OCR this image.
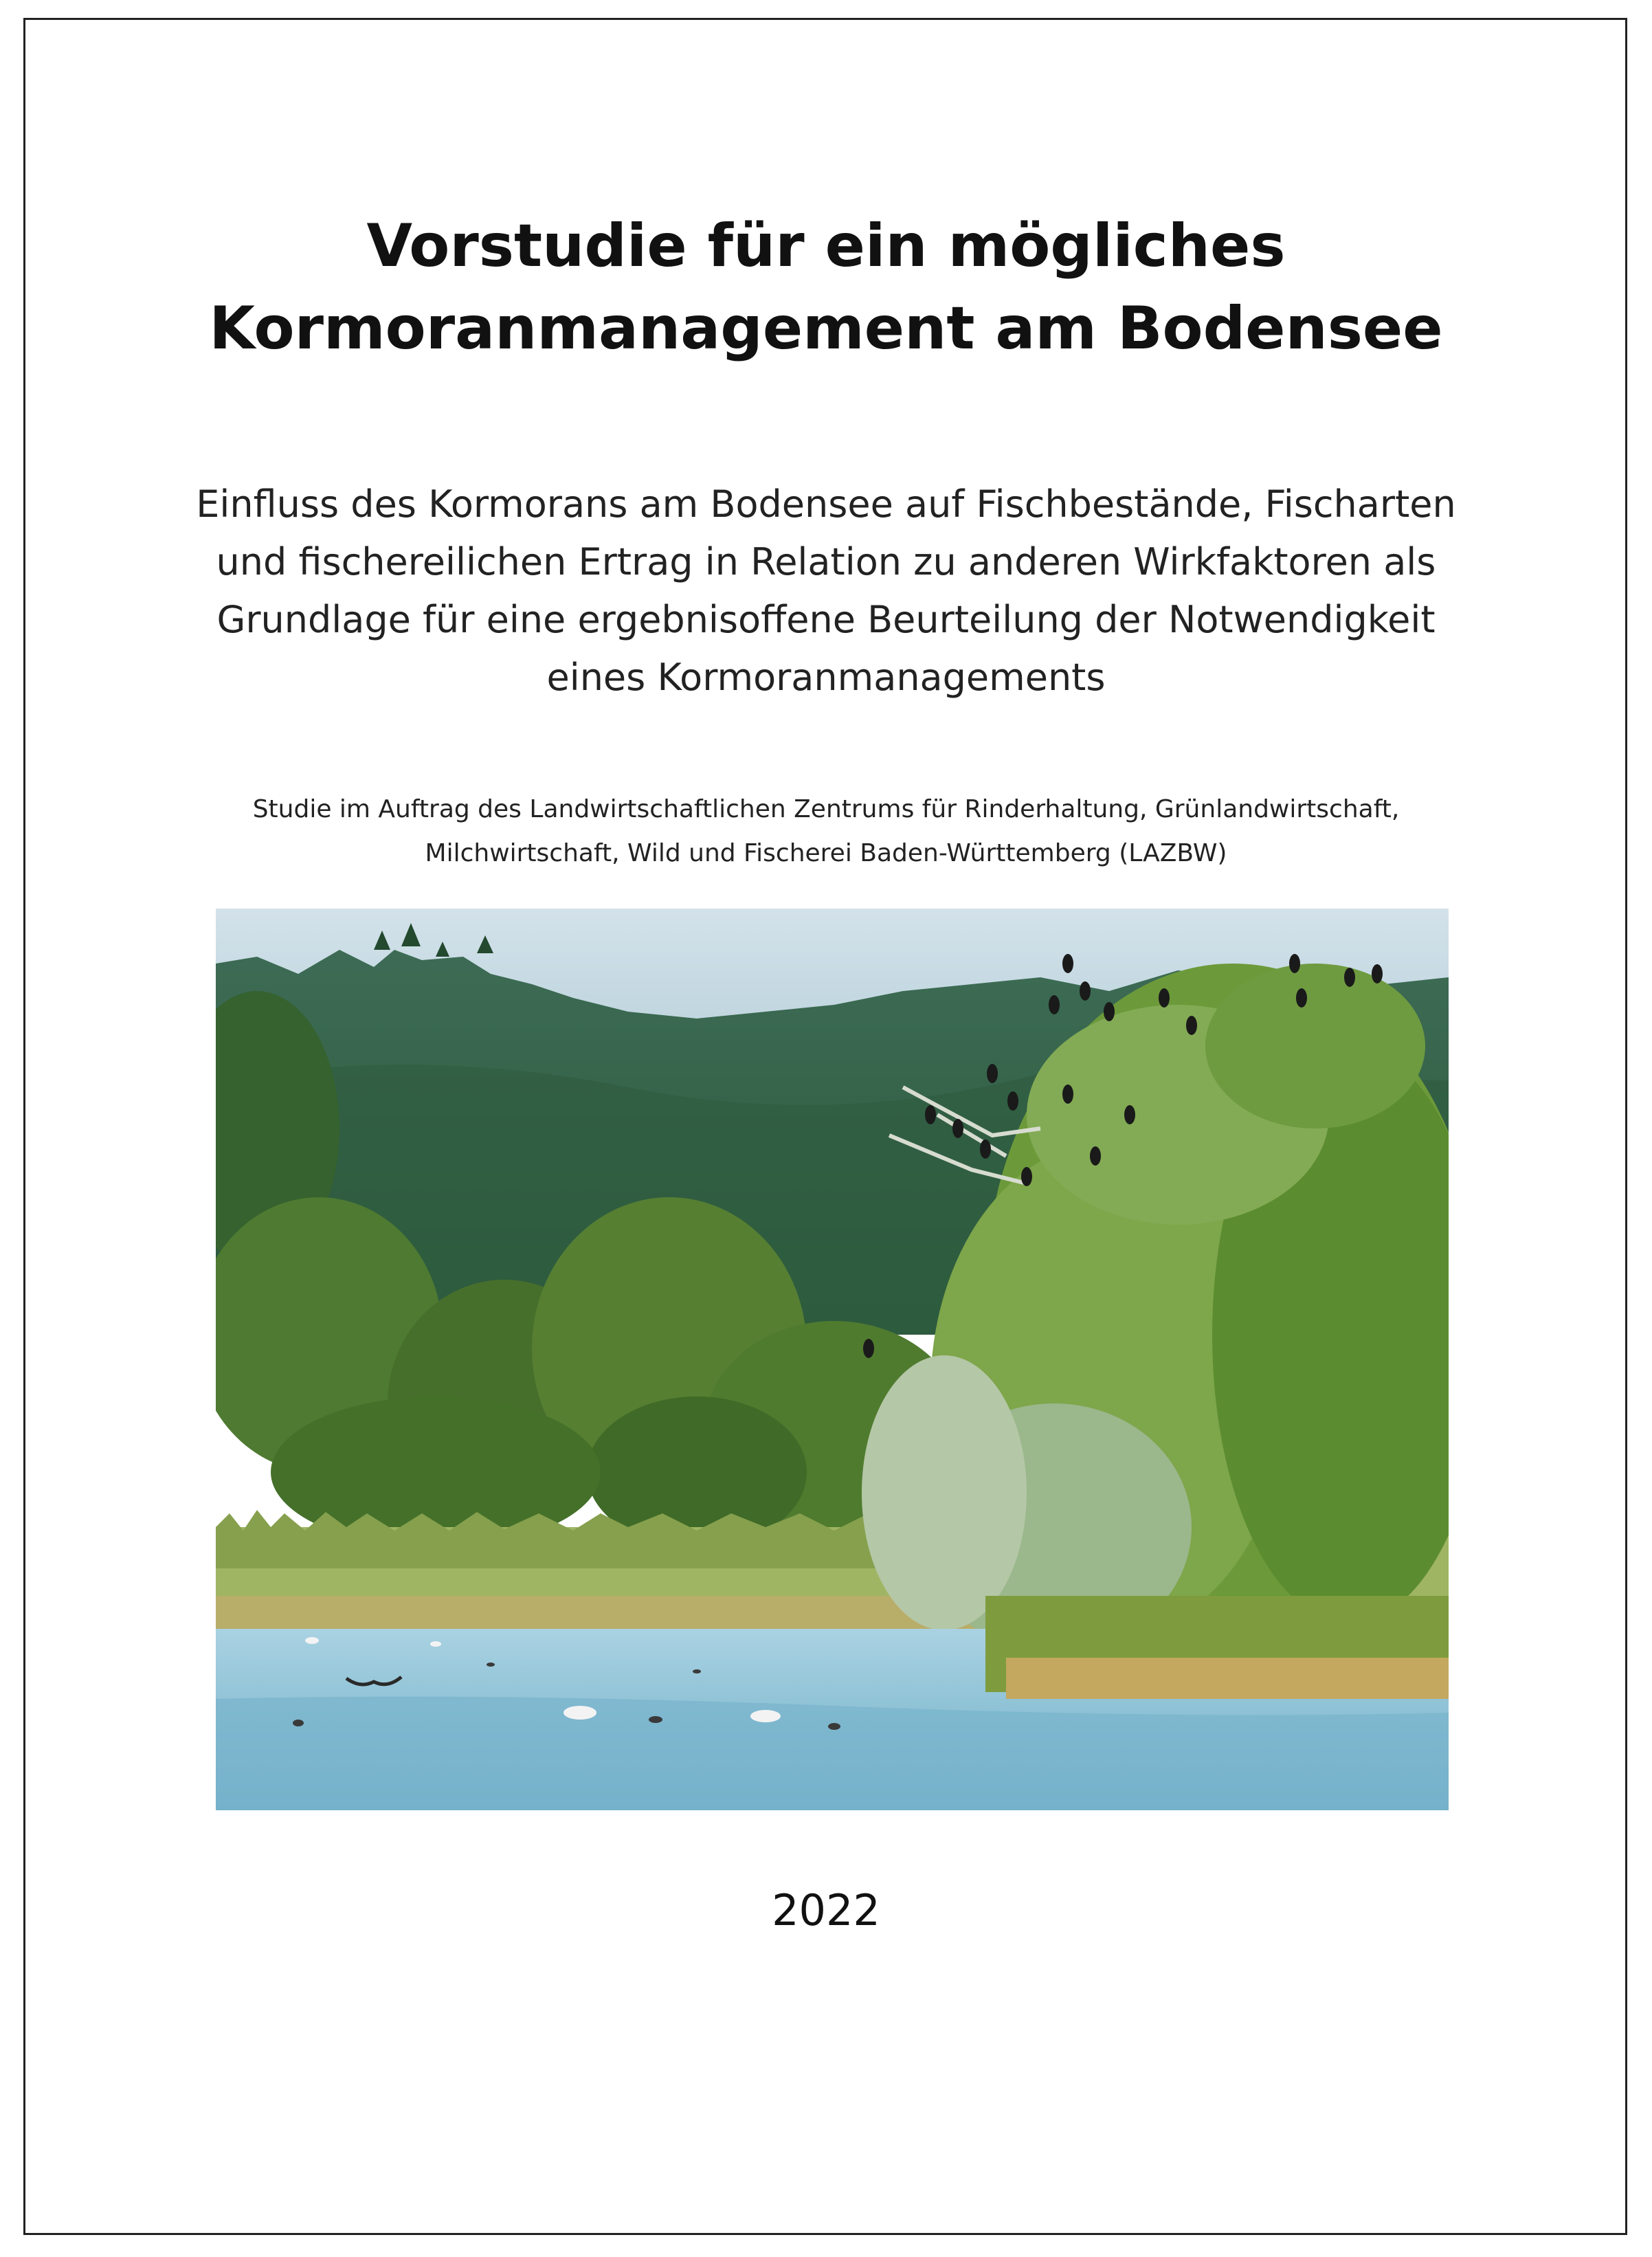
Vorstudie für ein mögliches
Kormoranmanagement am Bodensee
Einfluss des Kormorans am Bodensee auf Fischbestände, Fischarten
und fischereilichen Ertrag in Relation zu anderen Wirkfaktoren als
Grundlage für eine ergebnisoffene Beurteilung der Notwendigkeit
eines Kormoranmanagements
Studie im Auftrag des Landwirtschaftlichen Zentrums für Rinderhaltung, Grünlandwirtschaft,
Milchwirtschaft, Wild und Fischerei Baden-Württemberg (LAZBW)
2022
